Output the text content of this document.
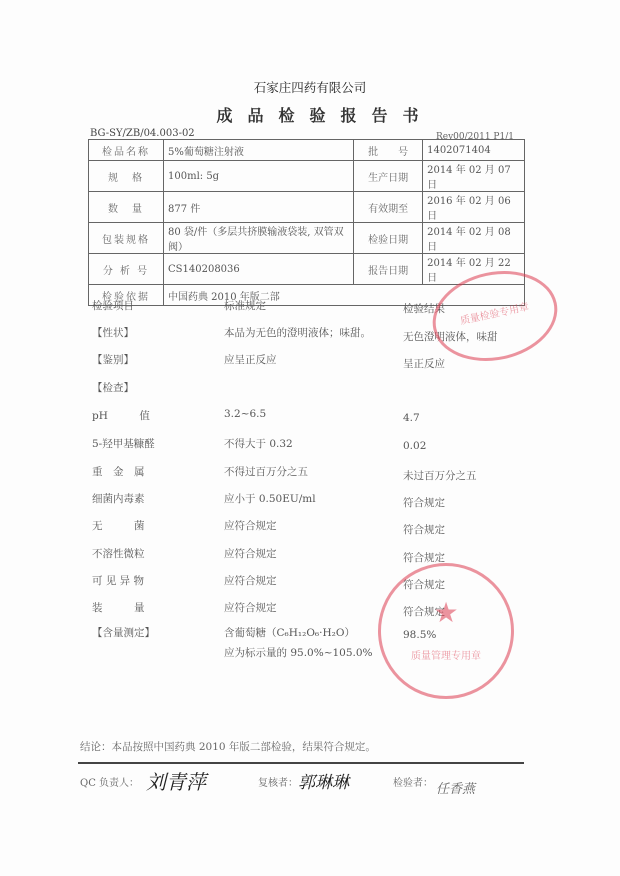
石家庄四药有限公司
成品检验报告书
BG-SY/ZB/04.003-02	Rev00/2011 P1/1
检品名称	5%葡萄糖注射液	批　　号	1402071404
规　格	100ml: 5g	生产日期	2014 年 02 月 07 日
数　量	877 件	有效期至	2016 年 02 月 06 日
包装规格	80 袋/件（多层共挤膜输液袋装, 双管双阀）	检验日期	2014 年 02 月 08 日
分 析 号	CS140208036	报告日期	2014 年 02 月 22 日
检验依据	中国药典 2010 年版二部		
检验项目	标准规定	检验结果
【性状】	本品为无色的澄明液体；味甜。	无色澄明液体，味甜
【鉴别】	应呈正反应	呈正反应
【检查】
pH　　　值	3.2~6.5	4.7
5-羟甲基糠醛	不得大于 0.32	0.02
重　金　属	不得过百万分之五	未过百万分之五
细菌内毒素	应小于 0.50EU/ml	符合规定
无　　　菌	应符合规定	符合规定
不溶性微粒	应符合规定	符合规定
可 见 异 物	应符合规定	符合规定
装　　　量	应符合规定	符合规定
【含量测定】	含葡萄糖（C₆H₁₂O₆·H₂O）	98.5%
应为标示量的 95.0%~105.0%
结论：本品按照中国药典 2010 年版二部检验，结果符合规定。
QC 负责人： 刘青萍	复核者： 郭琳琳	检验者： 任香燕
质量检验专用章
★
质量管理专用章
